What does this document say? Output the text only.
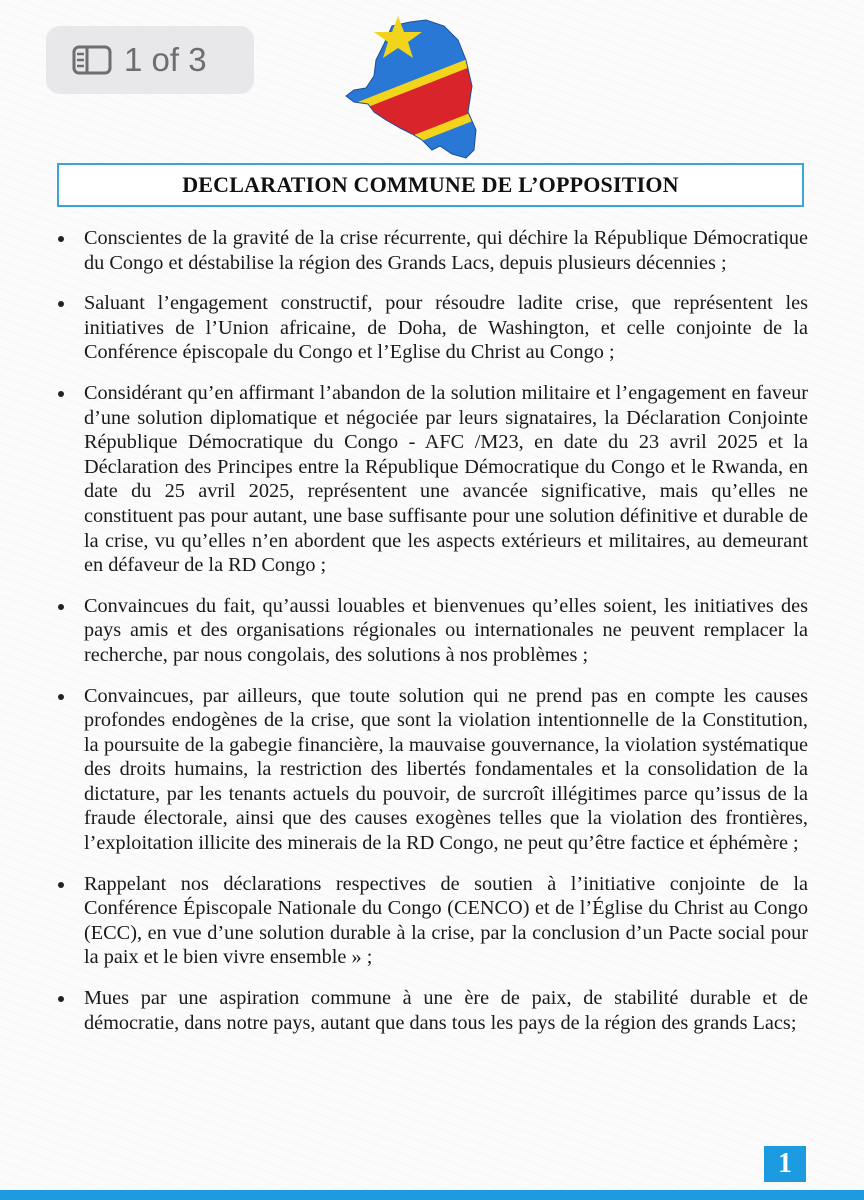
1 of 3
DECLARATION COMMUNE DE L’OPPOSITION
Conscientes de la gravité de la crise récurrente, qui déchire la République Démocratique du Congo et déstabilise la région des Grands Lacs, depuis plusieurs décennies ;
Saluant l’engagement constructif, pour résoudre ladite crise, que représentent les initiatives de l’Union africaine, de Doha, de Washington, et celle conjointe de la Conférence épiscopale du Congo et l’Eglise du Christ au Congo ;
Considérant qu’en affirmant l’abandon de la solution militaire et l’engagement en faveur d’une solution diplomatique et négociée par leurs signataires, la Déclaration Conjointe République Démocratique du Congo - AFC /M23, en date du 23 avril 2025 et la Déclaration des Principes entre la République Démocratique du Congo et le Rwanda, en date du 25 avril 2025, représentent une avancée significative, mais qu’elles ne constituent pas pour autant, une base suffisante pour une solution définitive et durable de la crise, vu qu’elles n’en abordent que les aspects extérieurs et militaires, au demeurant en défaveur de la RD Congo ;
Convaincues du fait, qu’aussi louables et bienvenues qu’elles soient, les initiatives des pays amis et des organisations régionales ou internationales ne peuvent remplacer la recherche, par nous congolais, des solutions à nos problèmes ;
Convaincues, par ailleurs, que toute solution qui ne prend pas en compte les causes profondes endogènes de la crise, que sont la violation intentionnelle de la Constitution, la poursuite de la gabegie financière, la mauvaise gouvernance, la violation systématique des droits humains, la restriction des libertés fondamentales et la consolidation de la dictature, par les tenants actuels du pouvoir, de surcroît illégitimes parce qu’issus de la fraude électorale, ainsi que des causes exogènes telles que la violation des frontières, l’exploitation illicite des minerais de la RD Congo, ne peut qu’être factice et éphémère ;
Rappelant nos déclarations respectives de soutien à l’initiative conjointe de la Conférence Épiscopale Nationale du Congo (CENCO) et de l’Église du Christ au Congo (ECC), en vue d’une solution durable à la crise, par la conclusion d’un Pacte social pour la paix et le bien vivre ensemble » ;
Mues par une aspiration commune à une ère de paix, de stabilité durable et de démocratie, dans notre pays, autant que dans tous les pays de la région des grands Lacs;
1
